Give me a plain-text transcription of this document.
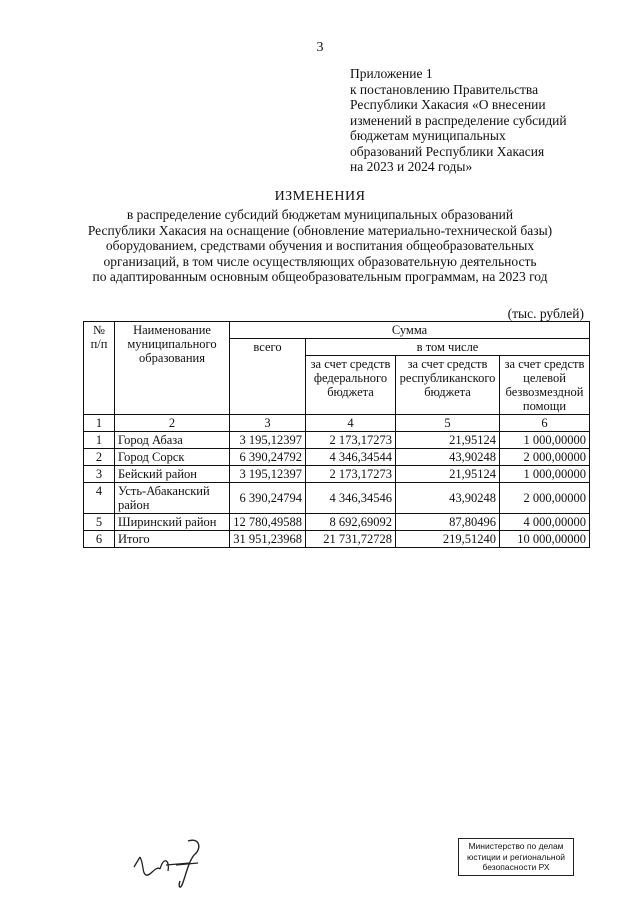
3
Приложение 1
к постановлению Правительства
Республики Хакасия «О внесении
изменений в распределение субсидий
бюджетам муниципальных
образований Республики Хакасия
на 2023 и 2024 годы»
ИЗМЕНЕНИЯ
в распределение субсидий бюджетам муниципальных образований
Республики Хакасия на оснащение (обновление материально-технической базы)
оборудованием, средствами обучения и воспитания общеобразовательных
организаций, в том числе осуществляющих образовательную деятельность
по адаптированным основным общеобразовательным программам, на 2023 год
(тыс. рублей)
№ п/п	Наименование муниципального образования	Сумма			
		всего	в том числе		
			за счет средств федерального бюджета	за счет средств республиканского бюджета	за счет средств целевой безвозмездной помощи
1	2	3	4	5	6
1	Город Абаза	3 195,12397	2 173,17273	21,95124	1 000,00000
2	Город Сорск	6 390,24792	4 346,34544	43,90248	2 000,00000
3	Бейский район	3 195,12397	2 173,17273	21,95124	1 000,00000
4	Усть-Абаканский район	6 390,24794	4 346,34546	43,90248	2 000,00000
5	Ширинский район	12 780,49588	8 692,69092	87,80496	4 000,00000
6	Итого	31 951,23968	21 731,72728	219,51240	10 000,00000
Министерство по делам
юстиции и региональной
безопасности РХ
